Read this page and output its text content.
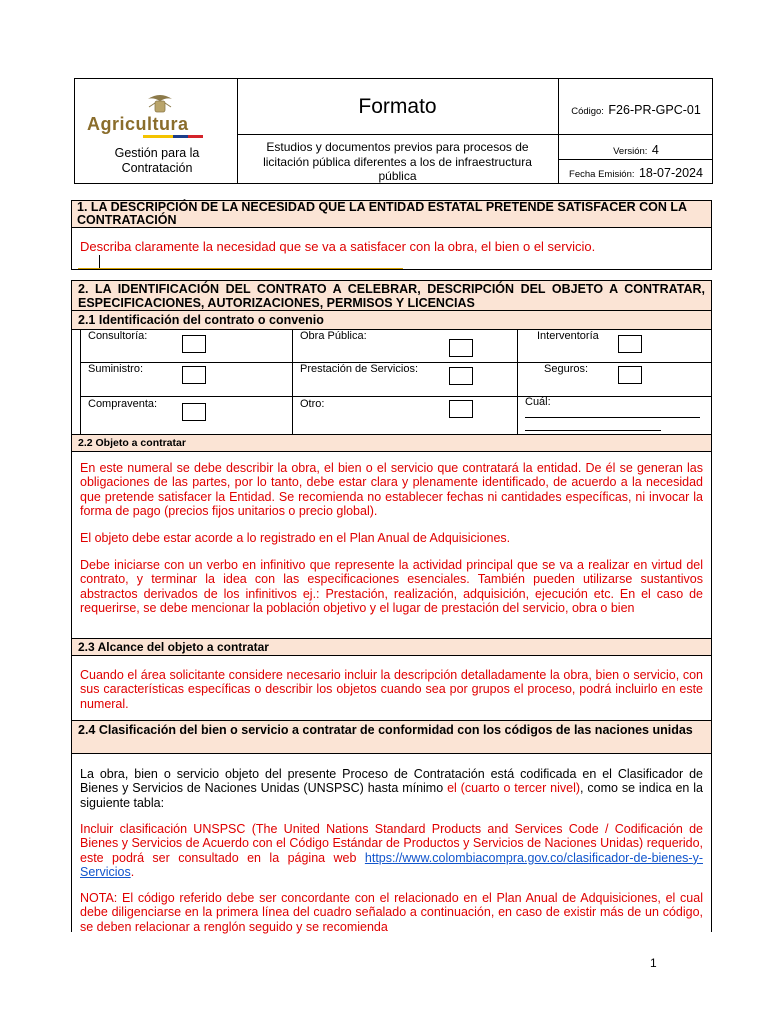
Agricultura
Gestión para la Contratación
Formato
Estudios y documentos previos para procesos de licitación pública diferentes a los de infraestructura pública
Código: F26-PR-GPC-01
Versión: 4
Fecha Emisión: 18-07-2024
1. LA DESCRIPCIÓN DE LA NECESIDAD QUE LA ENTIDAD ESTATAL PRETENDE SATISFACER CON LA CONTRATACIÓN
Describa claramente la necesidad que se va a satisfacer con la obra, el bien o el servicio.
2. LA IDENTIFICACIÓN DEL CONTRATO A CELEBRAR, DESCRIPCIÓN DEL OBJETO A CONTRATAR, ESPECIFICACIONES, AUTORIZACIONES, PERMISOS Y LICENCIAS
2.1 Identificación del contrato o convenio
Consultoría:	Obra Pública:	Interventoría
Suministro:	Prestación de Servicios:	Seguros:
Compraventa:	Otro:	Cuál:
2.2 Objeto a contratar
En este numeral se debe describir la obra, el bien o el servicio que contratará la entidad. De él se generan las obligaciones de las partes, por lo tanto, debe estar clara y plenamente identificado, de acuerdo a la necesidad que pretende satisfacer la Entidad. Se recomienda no establecer fechas ni cantidades específicas, ni invocar la forma de pago (precios fijos unitarios o precio global).
El objeto debe estar acorde a lo registrado en el Plan Anual de Adquisiciones.
Debe iniciarse con un verbo en infinitivo que represente la actividad principal que se va a realizar en virtud del contrato, y terminar la idea con las especificaciones esenciales. También pueden utilizarse sustantivos abstractos derivados de los infinitivos ej.: Prestación, realización, adquisición, ejecución etc. En el caso de requerirse, se debe mencionar la población objetivo y el lugar de prestación del servicio, obra o bien
2.3 Alcance del objeto a contratar
Cuando el área solicitante considere necesario incluir la descripción detalladamente la obra, bien o servicio, con sus características específicas o describir los objetos cuando sea por grupos el proceso, podrá incluirlo en este numeral.
2.4 Clasificación del bien o servicio a contratar de conformidad con los códigos de las naciones unidas
La obra, bien o servicio objeto del presente Proceso de Contratación está codificada en el Clasificador de Bienes y Servicios de Naciones Unidas (UNSPSC) hasta mínimo el (cuarto o tercer nivel), como se indica en la siguiente tabla:
Incluir clasificación UNSPSC (The United Nations Standard Products and Services Code / Codificación de Bienes y Servicios de Acuerdo con el Código Estándar de Productos y Servicios de Naciones Unidas) requerido, este podrá ser consultado en la página web https://www.colombiacompra.gov.co/clasificador-de-bienes-y-Servicios.
NOTA: El código referido debe ser concordante con el relacionado en el Plan Anual de Adquisiciones, el cual debe diligenciarse en la primera línea del cuadro señalado a continuación, en caso de existir más de un código, se deben relacionar a renglón seguido y se recomienda
1
